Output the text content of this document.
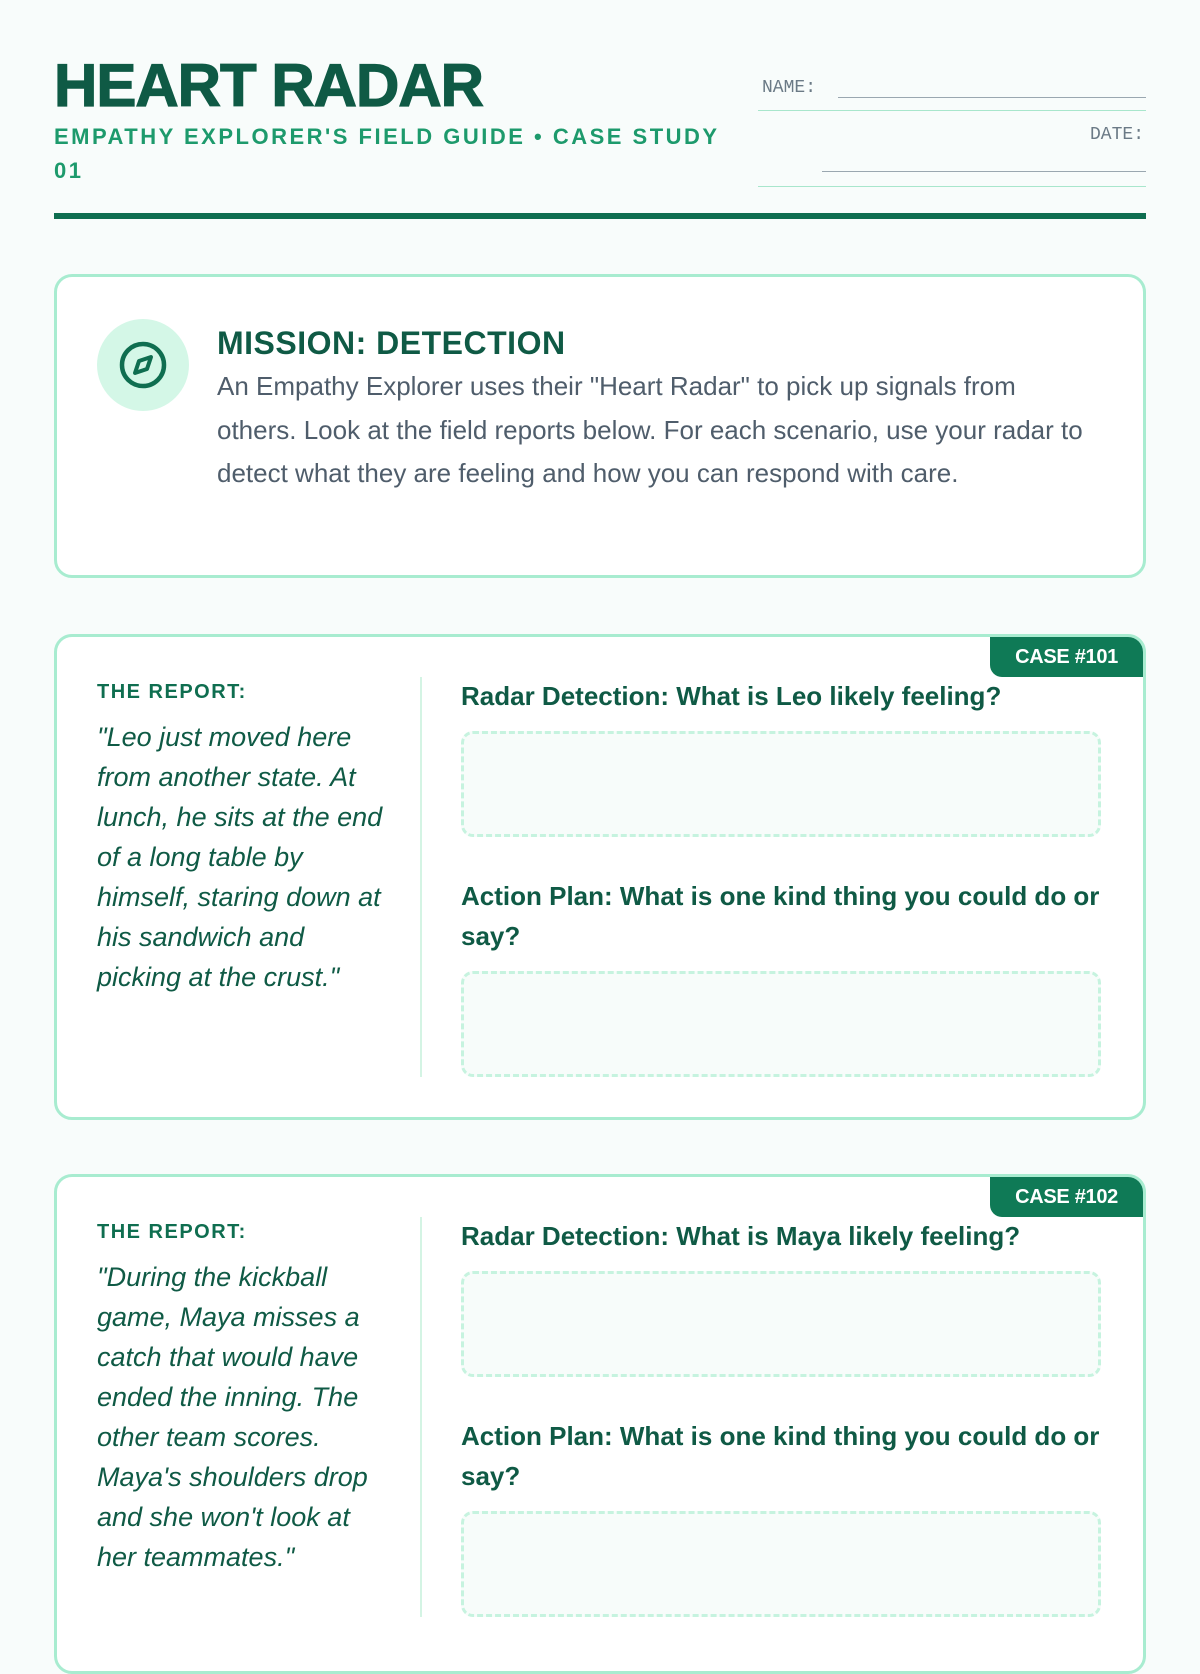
HEART RADAR
EMPATHY EXPLORER'S FIELD GUIDE • CASE STUDY 01
NAME:
DATE:
MISSION: DETECTION

An Empathy Explorer uses their "Heart Radar" to pick up signals from others. Look at the field reports below. For each scenario, use your radar to detect what they are feeling and how you can respond with care.

CASE #101
THE REPORT:

"Leo just moved here from another state. At lunch, he sits at the end of a long table by himself, staring down at his sandwich and picking at the crust."

Radar Detection: What is Leo likely feeling?

Action Plan: What is one kind thing you could do or say?

CASE #102
THE REPORT:

"During the kickball game, Maya misses a catch that would have ended the inning. The other team scores. Maya's shoulders drop and she won't look at her teammates."

Radar Detection: What is Maya likely feeling?

Action Plan: What is one kind thing you could do or say?
